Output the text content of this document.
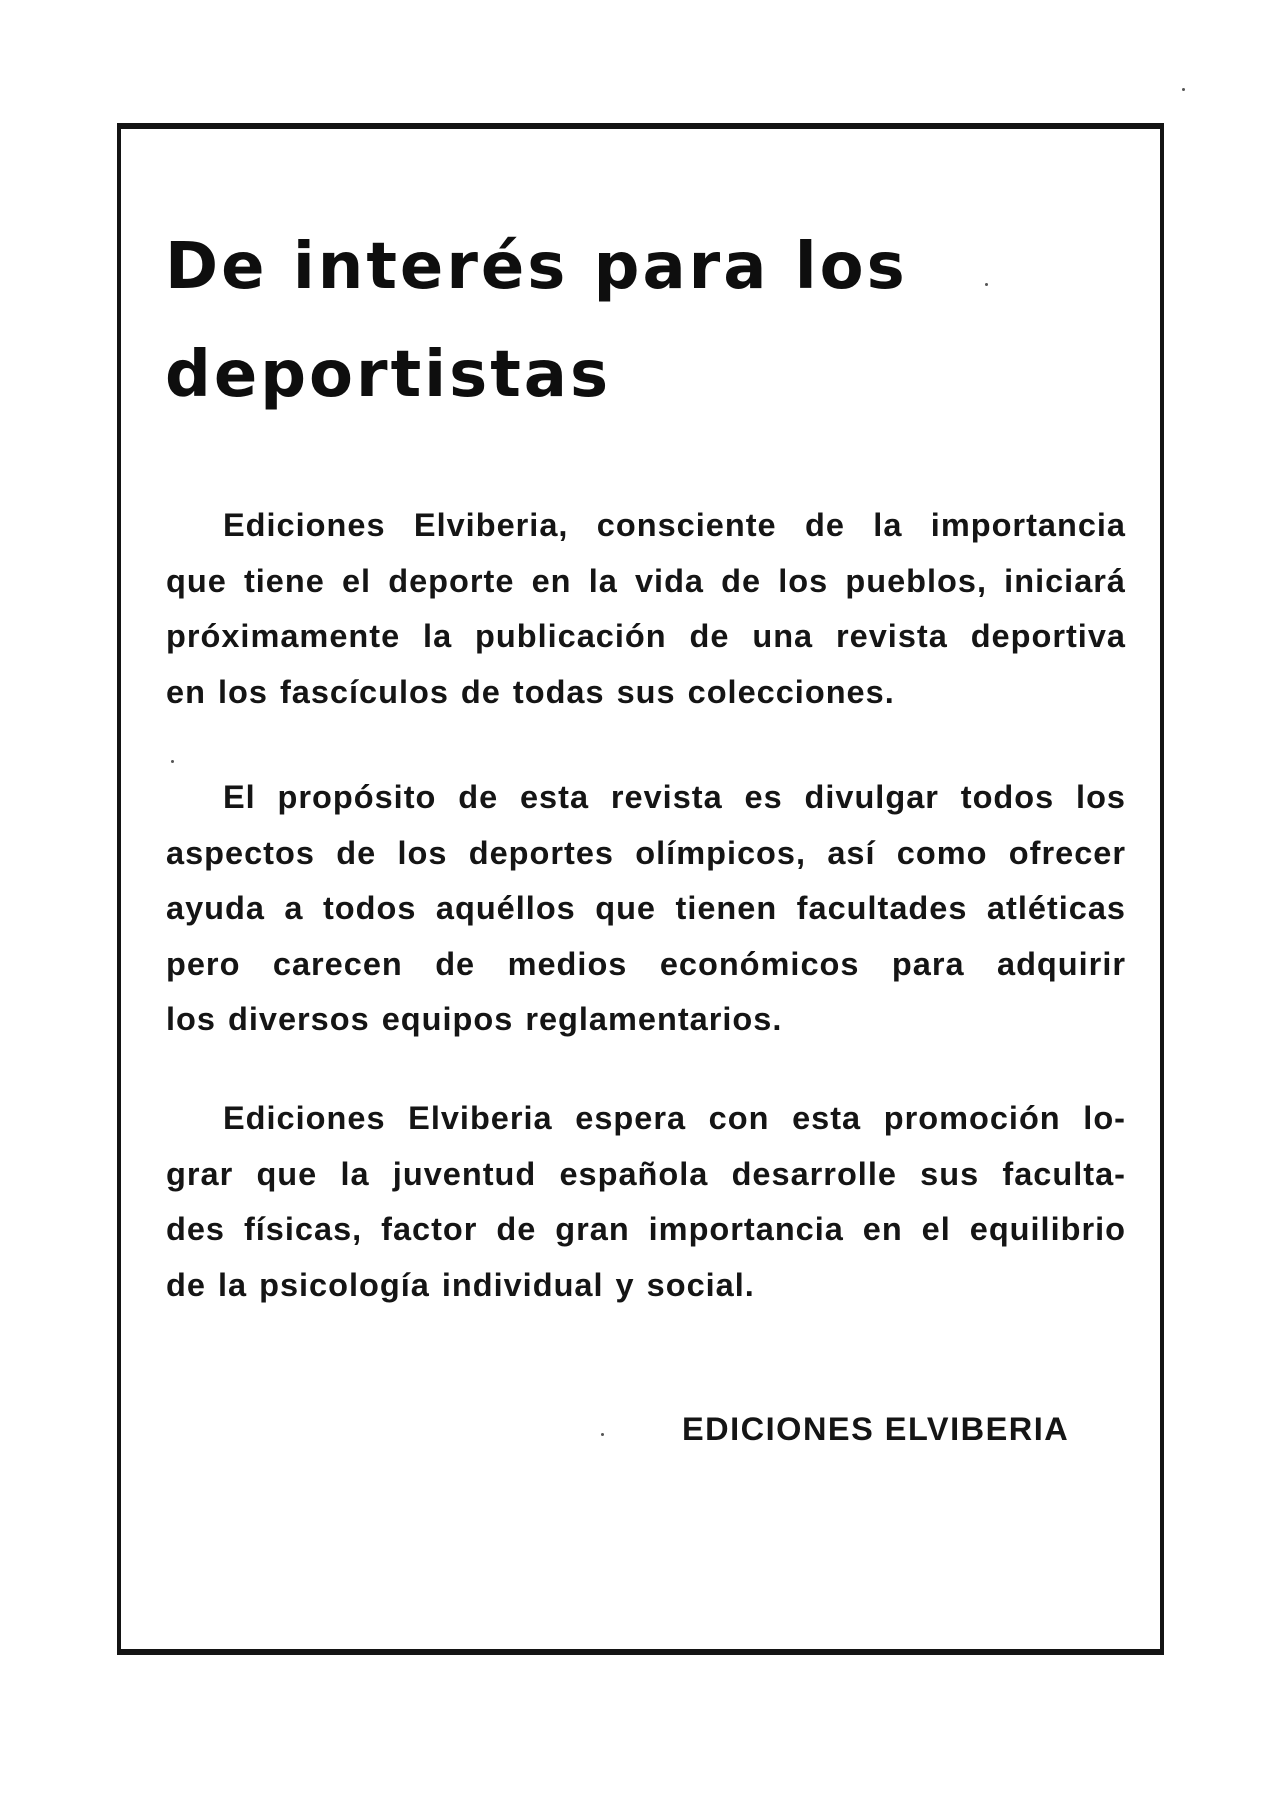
De interés para los
deportistas
Ediciones Elviberia, consciente de la importancia
que tiene el deporte en la vida de los pueblos, iniciará
próximamente la publicación de una revista deportiva
en los fascículos de todas sus colecciones.
El propósito de esta revista es divulgar todos los
aspectos de los deportes olímpicos, así como ofrecer
ayuda a todos aquéllos que tienen facultades atléticas
pero carecen de medios económicos para adquirir
los diversos equipos reglamentarios.
Ediciones Elviberia espera con esta promoción lo-
grar que la juventud española desarrolle sus faculta-
des físicas, factor de gran importancia en el equilibrio
de la psicología individual y social.

EDICIONES ELVIBERIA
